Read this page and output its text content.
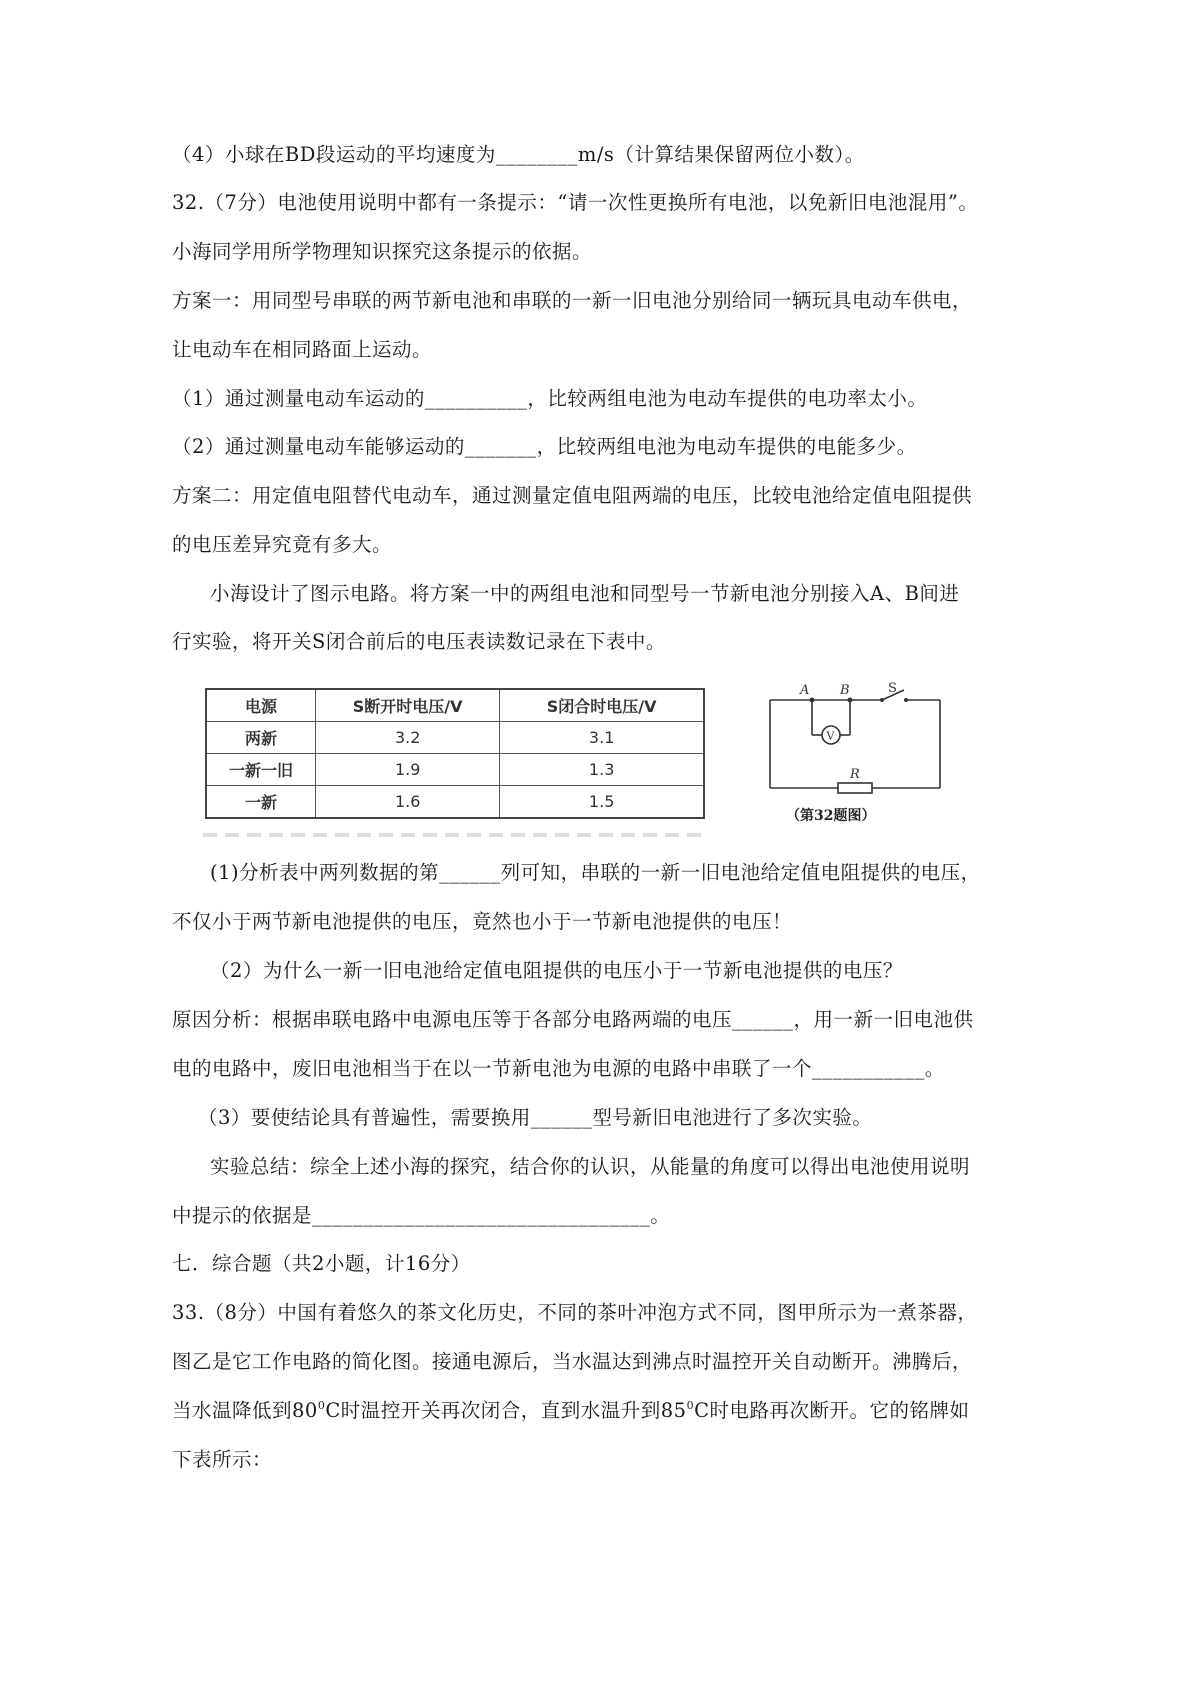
（4）小球在BD段运动的平均速度为________m/s（计算结果保留两位小数）。
32.（7分）电池使用说明中都有一条提示：“请一次性更换所有电池，以免新旧电池混用”。
小海同学用所学物理知识探究这条提示的依据。
方案一：用同型号串联的两节新电池和串联的一新一旧电池分别给同一辆玩具电动车供电，
让电动车在相同路面上运动。
（1）通过测量电动车运动的__________，比较两组电池为电动车提供的电功率太小。
（2）通过测量电动车能够运动的_______，比较两组电池为电动车提供的电能多少。
方案二：用定值电阻替代电动车，通过测量定值电阻两端的电压，比较电池给定值电阻提供
的电压差异究竟有多大。
小海设计了图示电路。将方案一中的两组电池和同型号一节新电池分别接入A、B间进
行实验，将开关S闭合前后的电压表读数记录在下表中。
电源	S断开时电压/V	S闭合时电压/V
两新	3.2	3.1
一新一旧	1.9	1.3
一新	1.6	1.5
A B	S
V
R
（第32题图）
(1)分析表中两列数据的第______列可知，串联的一新一旧电池给定值电阻提供的电压，
不仅小于两节新电池提供的电压，竟然也小于一节新电池提供的电压！
（2）为什么一新一旧电池给定值电阻提供的电压小于一节新电池提供的电压？
原因分析：根据串联电路中电源电压等于各部分电路两端的电压______，用一新一旧电池供
电的电路中，废旧电池相当于在以一节新电池为电源的电路中串联了一个___________。
（3）要使结论具有普遍性，需要换用______型号新旧电池进行了多次实验。
实验总结：综全上述小海的探究，结合你的认识，从能量的角度可以得出电池使用说明
中提示的依据是_________________________________。
七．综合题（共2小题，计16分）
33.（8分）中国有着悠久的茶文化历史，不同的茶叶冲泡方式不同，图甲所示为一煮茶器，
图乙是它工作电路的简化图。接通电源后，当水温达到沸点时温控开关自动断开。沸腾后，
当水温降低到$80^0C$时温控开关再次闭合，直到水温升到$85^0C$时电路再次断开。它的铭牌如
下表所示：
